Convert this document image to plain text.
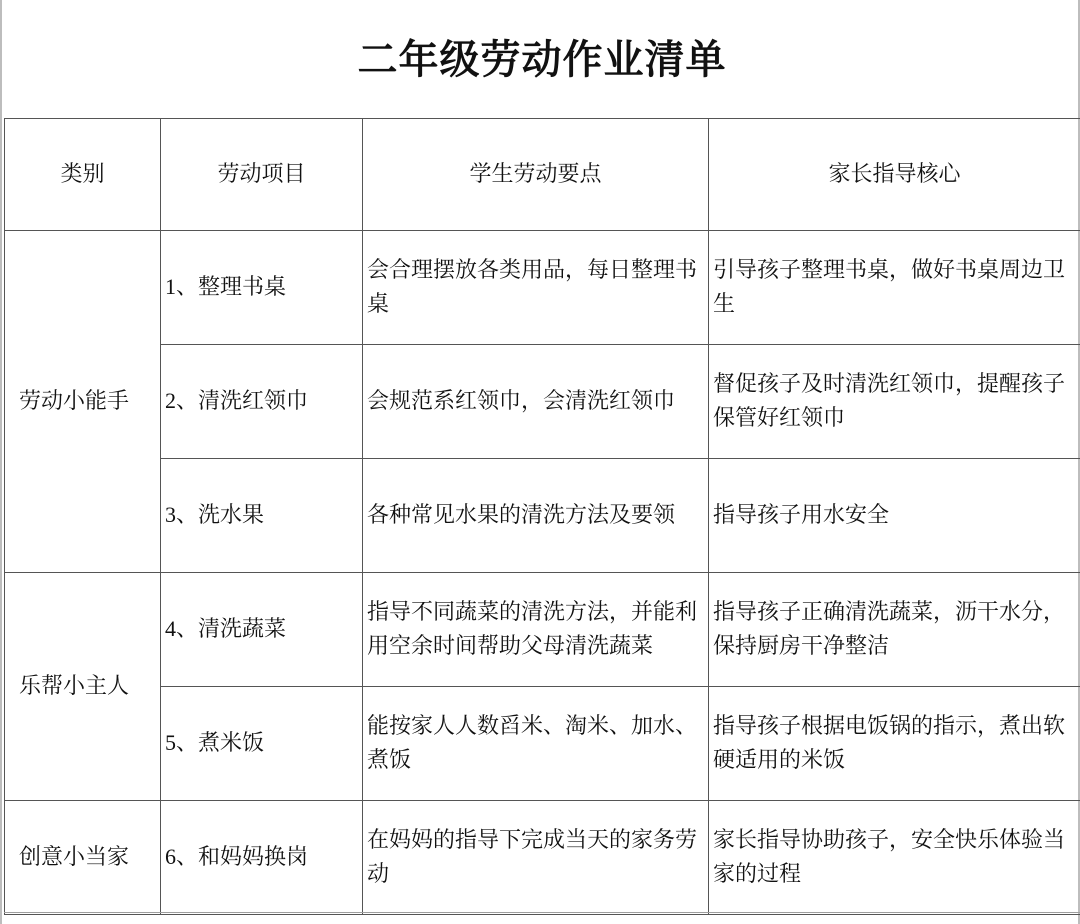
二年级劳动作业清单
类别	劳动项目	学生劳动要点	家长指导核心
劳动小能手	1、整理书桌	会合理摆放各类用品，每日整理书桌	引导孩子整理书桌，做好书桌周边卫生
	2、清洗红领巾	会规范系红领巾，会清洗红领巾	督促孩子及时清洗红领巾，提醒孩子保管好红领巾
	3、洗水果	各种常见水果的清洗方法及要领	指导孩子用水安全
乐帮小主人	4、清洗蔬菜	指导不同蔬菜的清洗方法，并能利用空余时间帮助父母清洗蔬菜	指导孩子正确清洗蔬菜，沥干水分，保持厨房干净整洁
	5、煮米饭	能按家人人数舀米、淘米、加水、煮饭	指导孩子根据电饭锅的指示，煮出软硬适用的米饭
创意小当家	6、和妈妈换岗	在妈妈的指导下完成当天的家务劳动	家长指导协助孩子，安全快乐体验当家的过程
